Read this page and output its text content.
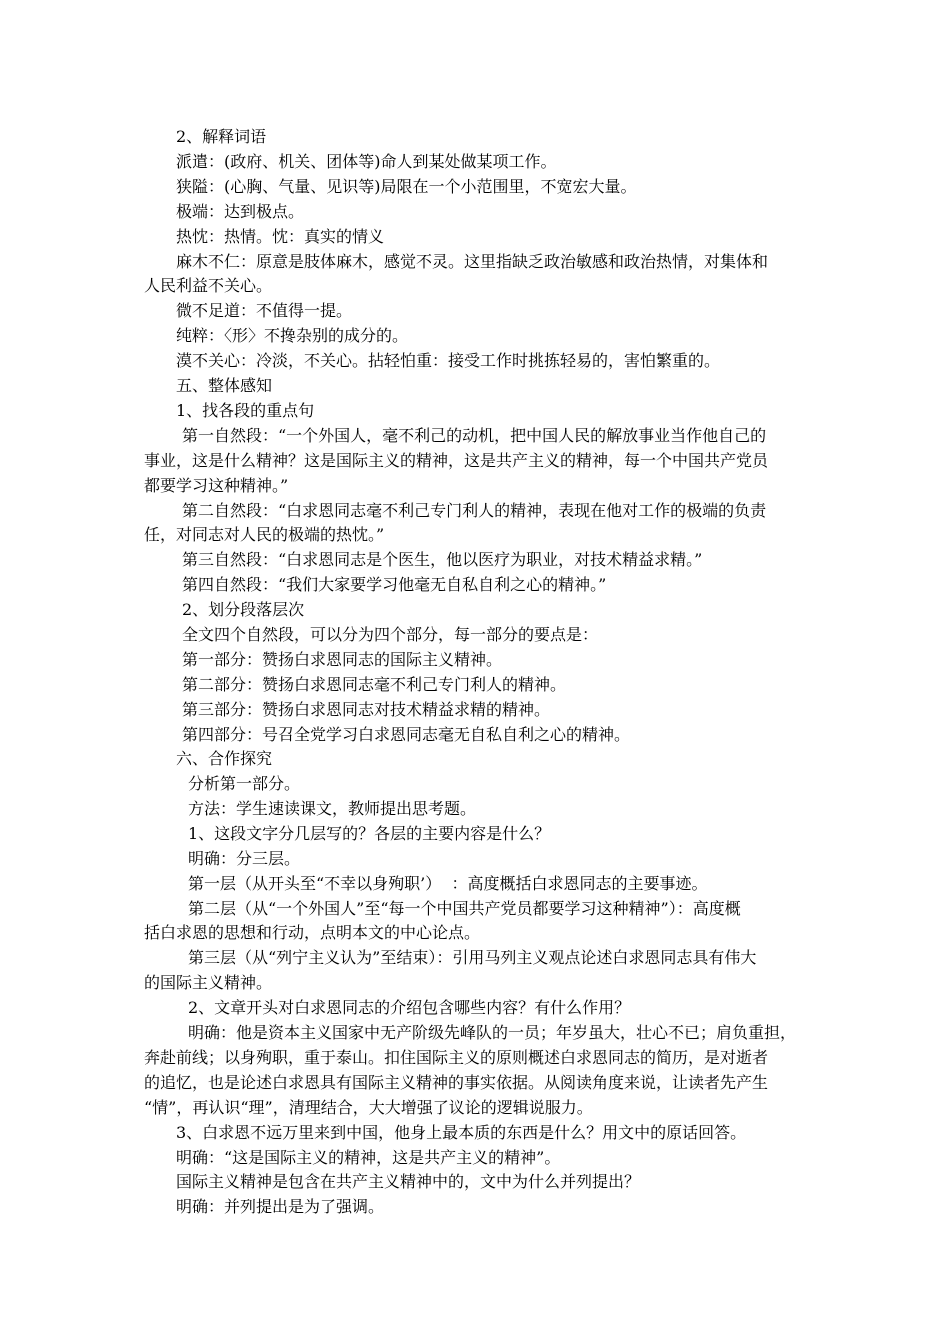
2、解释词语

派遣：(政府、机关、团体等)命人到某处做某项工作。

狭隘：(心胸、气量、见识等)局限在一个小范围里，不宽宏大量。

极端：达到极点。

热忱：热情。忱：真实的情义

麻木不仁：原意是肢体麻木，感觉不灵。这里指缺乏政治敏感和政治热情，对集体和

人民利益不关心。

微不足道：不值得一提。

纯粹：〈形〉不搀杂别的成分的。

漠不关心：冷淡，不关心。拈轻怕重：接受工作时挑拣轻易的，害怕繁重的。

五、整体感知

1、找各段的重点句

第一自然段：“一个外国人，毫不利己的动机，把中国人民的解放事业当作他自己的

事业，这是什么精神？这是国际主义的精神，这是共产主义的精神，每一个中国共产党员

都要学习这种精神。”

第二自然段：“白求恩同志毫不利己专门利人的精神，表现在他对工作的极端的负责

任，对同志对人民的极端的热忱。”

第三自然段：“白求恩同志是个医生，他以医疗为职业，对技术精益求精。”

第四自然段：“我们大家要学习他毫无自私自利之心的精神。”

2、划分段落层次

全文四个自然段，可以分为四个部分，每一部分的要点是：

第一部分：赞扬白求恩同志的国际主义精神。

第二部分：赞扬白求恩同志毫不利己专门利人的精神。

第三部分：赞扬白求恩同志对技术精益求精的精神。

第四部分：号召全党学习白求恩同志毫无自私自利之心的精神。

六、合作探究

分析第一部分。

方法：学生速读课文，教师提出思考题。

1、这段文字分几层写的？各层的主要内容是什么？

明确：分三层。

第一层（从开头至“不幸以身殉职’）  ：高度概括白求恩同志的主要事迹。

第二层（从“一个外国人”至“每一个中国共产党员都要学习这种精神”）：高度概

括白求恩的思想和行动，点明本文的中心论点。

第三层（从“列宁主义认为”至结束）：引用马列主义观点论述白求恩同志具有伟大

的国际主义精神。

2、文章开头对白求恩同志的介绍包含哪些内容？有什么作用？

明确：他是资本主义国家中无产阶级先峰队的一员；年岁虽大，壮心不已；肩负重担，

奔赴前线；以身殉职，重于泰山。扣住国际主义的原则概述白求恩同志的简历，是对逝者

的追忆，也是论述白求恩具有国际主义精神的事实依据。从阅读角度来说，让读者先产生

“情”，再认识“理”，清理结合，大大增强了议论的逻辑说服力。

3、白求恩不远万里来到中国，他身上最本质的东西是什么？用文中的原话回答。

明确：“这是国际主义的精神，这是共产主义的精神”。

国际主义精神是包含在共产主义精神中的，文中为什么并列提出？

明确：并列提出是为了强调。
